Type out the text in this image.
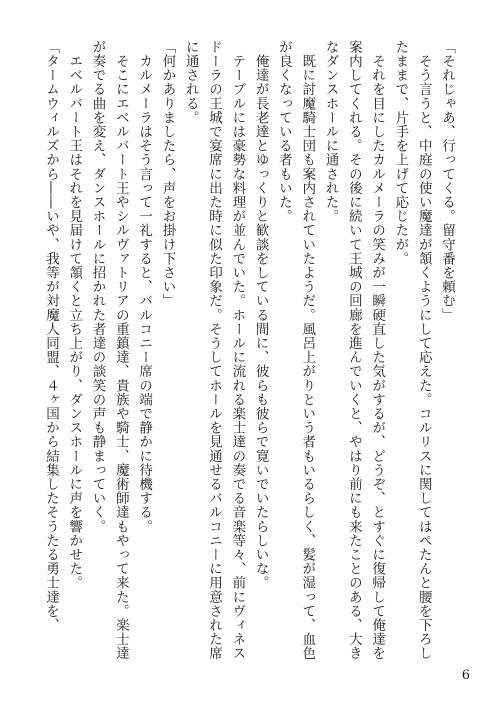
「それじゃあ、行ってくる。留守番を頼む」

　そう言うと、中庭の使い魔達が頷くようにして応えた。コルリスに関してはぺたんと腰を下ろしたままで、片手を上げて応じたが。

　それを目にしたカルメーラの笑みが一瞬硬直した気がするが、どうぞ、とすぐに復帰して俺達を案内してくれる。その後に続いて王城の回廊を進んでいくと、やはり前にも来たことのある、大きなダンスホールに通された。

　既に討魔騎士団も案内されていたようだ。風呂上がりという者もいるらしく、髪が湿って、血色が良くなっている者もいた。

　俺達が長老達とゆっくりと歓談をしている間に、彼らも彼らで寛いでいたらしいな。

　テーブルには豪勢な料理が並んでいた。ホールに流れる楽士達の奏でる音楽等々、前にヴィネスドーラの王城で宴席に出た時に似た印象だ。そうしてホールを見通せるバルコニーに用意された席に通される。

「何かありましたら、声をお掛け下さい」

　カルメーラはそう言って一礼すると、バルコニー席の端で静かに待機する。

　そこにエベルバート王やシルヴァトリアの重鎮達、貴族や騎士、魔術師達もやって来た。楽士達が奏でる曲を変え、ダンスホールに招かれた者達の談笑の声も静まっていく。

　エベルバート王はそれを見届けて頷くと立ち上がり、ダンスホールに声を響かせた。

「タームウィルズから――いや、我等が対魔人同盟、４ヶ国から結集したそうたる勇士達を、

6
